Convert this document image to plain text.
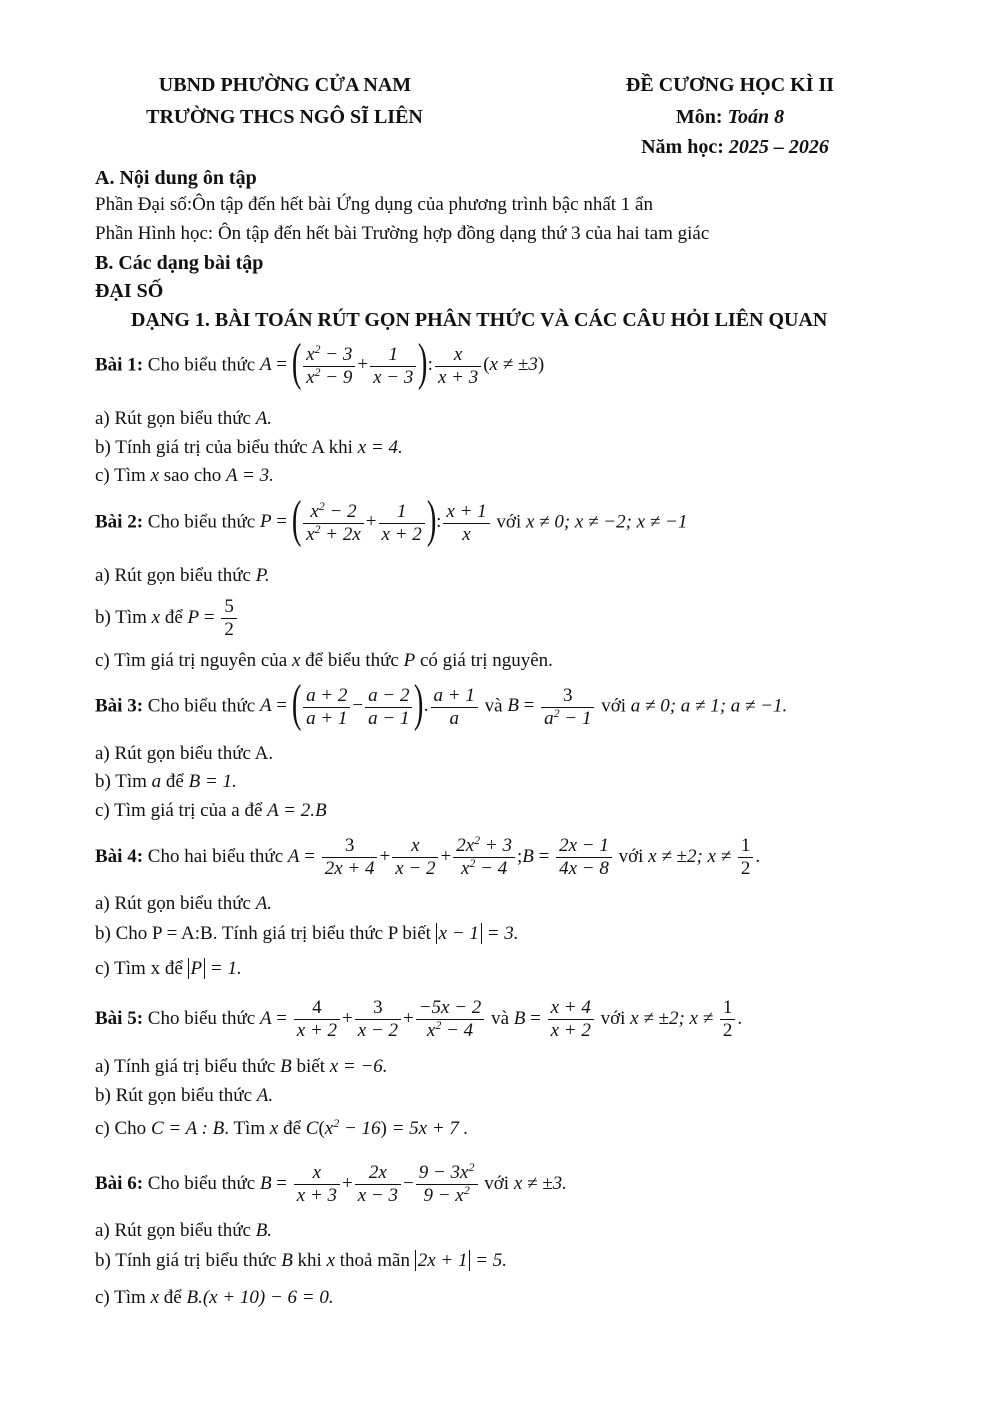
UBND PHƯỜNG CỬA NAM
TRƯỜNG THCS NGÔ SĨ LIÊN
ĐỀ CƯƠNG HỌC KÌ II
Môn: Toán 8
Năm học: 2025 – 2026
A. Nội dung ôn tập
Phần Đại số:Ôn tập đến hết bài Ứng dụng của phương trình bậc nhất 1 ẩn
Phần Hình học: Ôn tập đến hết bài Trường hợp đồng dạng thứ 3 của hai tam giác
B. Các dạng bài tập
ĐẠI SỐ
DẠNG 1. BÀI TOÁN RÚT GỌN PHÂN THỨC VÀ CÁC CÂU HỎI LIÊN QUAN
Bài 1: Cho biểu thức A = ( $\frac{x^2 - 3}{x^2 - 9} + \frac{1}{x - 3}$ ): $\frac{x}{x + 3} (x \ne \pm 3)$
a) Rút gọn biểu thức A.
b) Tính giá trị của biểu thức A khi x = 4.
c) Tìm x sao cho A = 3.
Bài 2: Cho biểu thức P = ( $\frac{x^2 - 2}{x^2 + 2x} + \frac{1}{x + 2}$ ): $\frac{x + 1}{x}$ với x ≠ 0; x ≠ −2; x ≠ −1
a) Rút gọn biểu thức P.
b) Tìm x để $P = \frac{5}{2}$
c) Tìm giá trị nguyên của x để biểu thức P có giá trị nguyên.
Bài 3: Cho biểu thức A = ( $\frac{a + 2}{a + 1} - \frac{a - 2}{a - 1}$ ). $\frac{a + 1}{a}$ và $B = \frac{3}{a^2 - 1}$ với a ≠ 0; a ≠ 1; a ≠ −1.
a) Rút gọn biểu thức A.
b) Tìm a để B = 1.
c) Tìm giá trị của a để A = 2.B
Bài 4: Cho hai biểu thức $A = \frac{3}{2x + 4} + \frac{x}{x - 2} + \frac{2x^2 + 3}{x^2 - 4}$ ;B = $\frac{2x - 1}{4x - 8}$ với x ≠ ±2; $x \ne \frac{1}{2}$ .
a) Rút gọn biểu thức A.
b) Cho P = A:B. Tính giá trị biểu thức P biết x − 1 = 3.
c) Tìm x để P = 1.
Bài 5: Cho biểu thức $A = \frac{4}{x + 2} + \frac{3}{x - 2} + \frac{-5x - 2}{x^2 - 4}$ và $B = \frac{x + 4}{x + 2}$ với x ≠ ±2; $x \ne \frac{1}{2}$ .
a) Tính giá trị biểu thức B biết x = −6.
b) Rút gọn biểu thức A.
c) Cho C = A : B. Tìm x để $C(x^2 - 16) = 5x + 7$ .
Bài 6: Cho biểu thức $B = \frac{x}{x + 3} + \frac{2x}{x - 3} - \frac{9 - 3x^2}{9 - x^2}$ với x ≠ ±3.
a) Rút gọn biểu thức B.
b) Tính giá trị biểu thức B khi x thoả mãn 2x + 1 = 5.
c) Tìm x để B.(x + 10) − 6 = 0.
